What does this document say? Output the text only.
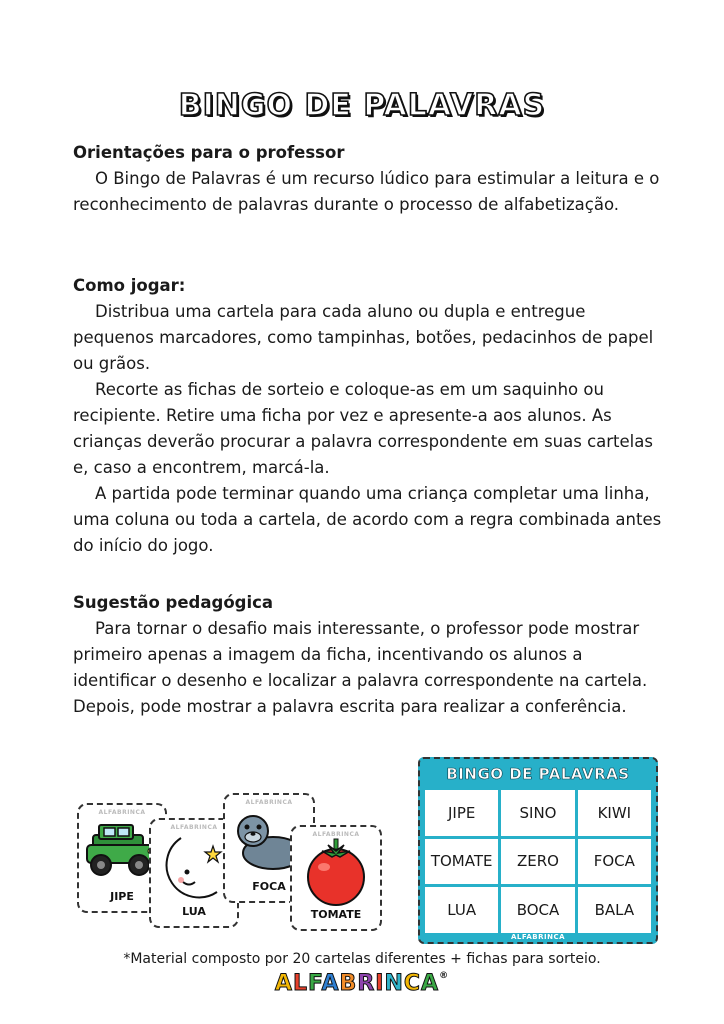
BINGO DE PALAVRAS
Orientações para o professor
O Bingo de Palavras é um recurso lúdico para estimular a leitura e o reconhecimento de palavras durante o processo de alfabetização.
Como jogar:
Distribua uma cartela para cada aluno ou dupla e entregue pequenos marcadores, como tampinhas, botões, pedacinhos de papel ou grãos.
Recorte as fichas de sorteio e coloque-as em um saquinho ou recipiente. Retire uma ficha por vez e apresente-a aos alunos. As crianças deverão procurar a palavra correspondente em suas cartelas e, caso a encontrem, marcá-la.
A partida pode terminar quando uma criança completar uma linha, uma coluna ou toda a cartela, de acordo com a regra combinada antes do início do jogo.
Sugestão pedagógica
Para tornar o desafio mais interessante, o professor pode mostrar primeiro apenas a imagem da ficha, incentivando os alunos a identificar o desenho e localizar a palavra correspondente na cartela. Depois, pode mostrar a palavra escrita para realizar a conferência.
ALFABRINCA
JIPE
ALFABRINCA
LUA
ALFABRINCA
FOCA
ALFABRINCA
TOMATE
BINGO DE PALAVRAS
JIPE	SINO	KIWI
TOMATE	ZERO	FOCA
LUA	BOCA	BALA
ALFABRINCA
*Material composto por 20 cartelas diferentes + fichas para sorteio.
ALFABRINCA®
